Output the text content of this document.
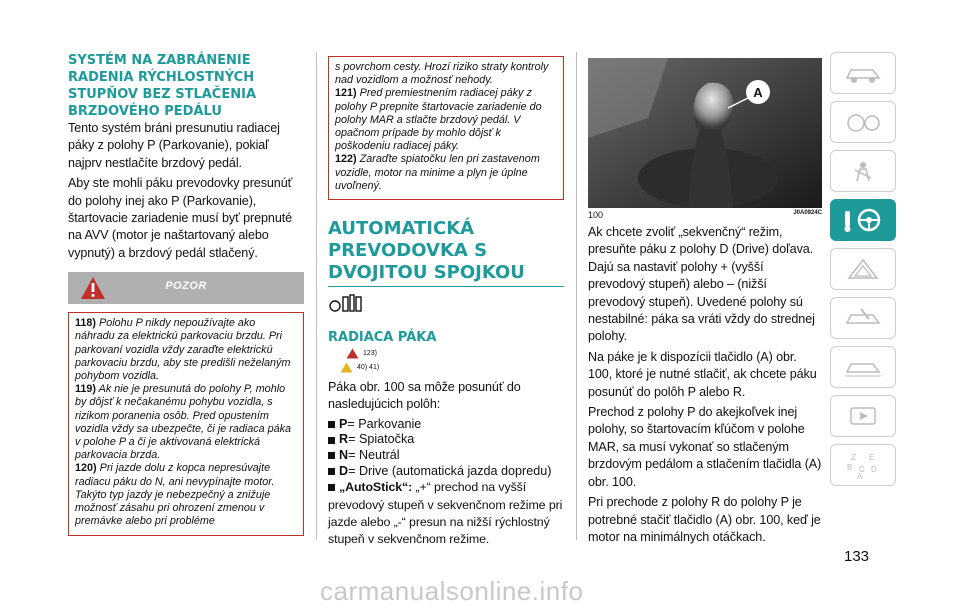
SYSTÉM NA ZABRÁNENIE
RADENIA RÝCHLOSTNÝCH
STUPŇOV BEZ STLAČENIA
BRZDOVÉHO PEDÁLU

Tento systém bráni presunutiu radiacej páky z polohy P (Parkovanie), pokiaľ najprv nestlačíte brzdový pedál.

Aby ste mohli páku prevodovky presunúť do polohy inej ako P (Parkovanie), štartovacie zariadenie musí byť prepnuté na AVV (motor je naštartovaný alebo vypnutý) a brzdový pedál stlačený.

POZOR

118) Polohu P nikdy nepoužívajte ako náhradu za elektrickú parkovaciu brzdu. Pri parkovaní vozidla vždy zaraďte elektrickú parkovaciu brzdu, aby ste predišli neželaným pohybom vozidla.

119) Ak nie je presunutá do polohy P, mohlo by dôjsť k nečakanému pohybu vozidla, s rizikom poranenia osôb. Pred opustením vozidla vždy sa ubezpečte, či je radiaca páka v polohe P a či je aktivovaná elektrická parkovacia brzda.

120) Pri jazde dolu z kopca nepresúvajte radiacu páku do N, ani nevypínajte motor. Takýto typ jazdy je nebezpečný a znižuje možnosť zásahu pri ohrození zmenou v premávke alebo pri probléme

s povrchom cesty. Hrozí riziko straty kontroly nad vozidlom a možnosť nehody.

121) Pred premiestnením radiacej páky z polohy P prepnite štartovacie zariadenie do polohy MAR a stlačte brzdový pedál. V opačnom prípade by mohlo dôjsť k poškodeniu radiacej páky.

122) Zaraďte spiatočku len pri zastavenom vozidle, motor na minime a plyn je úplne uvoľnený.

AUTOMATICKÁ
PREVODOVKA S
DVOJITOU SPOJKOU
RADIACA PÁKA
123)
40) 41)

Páka obr. 100 sa môže posunúť do nasledujúcich polôh:

P = Parkovanie
R = Spiatočka
N = Neutrál
D = Drive (automatická jazda dopredu)

„AutoStick“: „+“ prechod na vyšší prevodový stupeň v sekvenčnom režime pri jazde alebo „-“ presun na nižší rýchlostný stupeň v sekvenčnom režime.

A
100	J0A0924C

Ak chcete zvoliť „sekvenčný“ režim, presuňte páku z polohy D (Drive) doľava. Dajú sa nastaviť polohy + (vyšší prevodový stupeň) alebo – (nižší prevodový stupeň). Uvedené polohy sú nestabilné: páka sa vráti vždy do strednej polohy.

Na páke je k dispozícii tlačidlo (A) obr. 100, ktoré je nutné stlačiť, ak chcete páku posunúť do polôh P alebo R.

Prechod z polohy P do akejkoľvek inej polohy, so štartovacím kľúčom v polohe MAR, sa musí vykonať so stlačeným brzdovým pedálom a stlačením tlačidla (A) obr. 100.

Pri prechode z polohy R do polohy P je potrebné stačiť tlačidlo (A) obr. 100, keď je motor na minimálnych otáčkach.

Z E
B C D
A
133
carmanualsonline.info
